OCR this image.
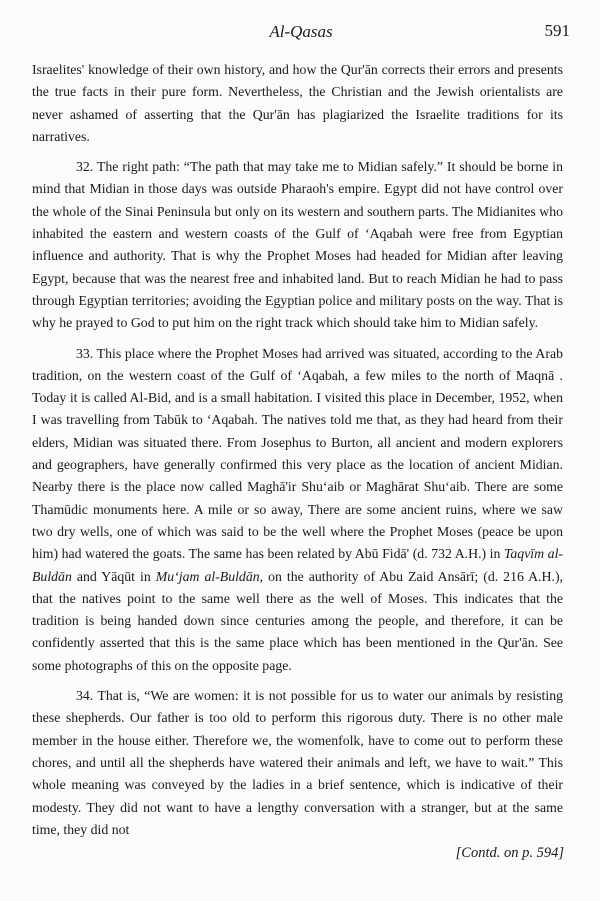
Al-Qasas	591

Israelites' knowledge of their own history, and how the Qur'ān corrects their errors and presents the true facts in their pure form. Nevertheless, the Christian and the Jewish orientalists are never ashamed of asserting that the Qur'ān has plagiarized the Israelite traditions for its narratives.

32. The right path: “The path that may take me to Midian safely.” It should be borne in mind that Midian in those days was outside Pharaoh's empire. Egypt did not have control over the whole of the Sinai Peninsula but only on its western and southern parts. The Midianites who inhabited the eastern and western coasts of the Gulf of ‘Aqabah were free from Egyptian influence and authority. That is why the Prophet Moses had headed for Midian after leaving Egypt, because that was the nearest free and inhabited land. But to reach Midian he had to pass through Egyptian territories; avoiding the Egyptian police and military posts on the way. That is why he prayed to God to put him on the right track which should take him to Midian safely.

33. This place where the Prophet Moses had arrived was situated, according to the Arab tradition, on the western coast of the Gulf of ‘Aqabah, a few miles to the north of Maqnā . Today it is called Al-Bid, and is a small habitation. I visited this place in December, 1952, when I was travelling from Tabūk to ‘Aqabah. The natives told me that, as they had heard from their elders, Midian was situated there. From Josephus to Burton, all ancient and modern explorers and geographers, have generally confirmed this very place as the location of ancient Midian. Nearby there is the place now called Maghā'ir Shu‘aib or Maghārat Shu‘aib. There are some Thamūdic monuments here. A mile or so away, There are some ancient ruins, where we saw two dry wells, one of which was said to be the well where the Prophet Moses (peace be upon him) had watered the goats. The same has been related by Abū Fidā' (d. 732 A.H.) in Taqvīm al-Buldān and Yāqūt in Mu‘jam al-Buldān, on the authority of Abu Zaid Ansārī; (d. 216 A.H.), that the natives point to the same well there as the well of Moses. This indicates that the tradition is being handed down since centuries among the people, and therefore, it can be confidently asserted that this is the same place which has been mentioned in the Qur'ān. See some photographs of this on the opposite page.

34. That is, “We are women: it is not possible for us to water our animals by resisting these shepherds. Our father is too old to perform this rigorous duty. There is no other male member in the house either. Therefore we, the womenfolk, have to come out to perform these chores, and until all the shepherds have watered their animals and left, we have to wait.” This whole meaning was conveyed by the ladies in a brief sentence, which is indicative of their modesty. They did not want to have a lengthy conversation with a stranger, but at the same time, they did not

[Contd. on p. 594]
